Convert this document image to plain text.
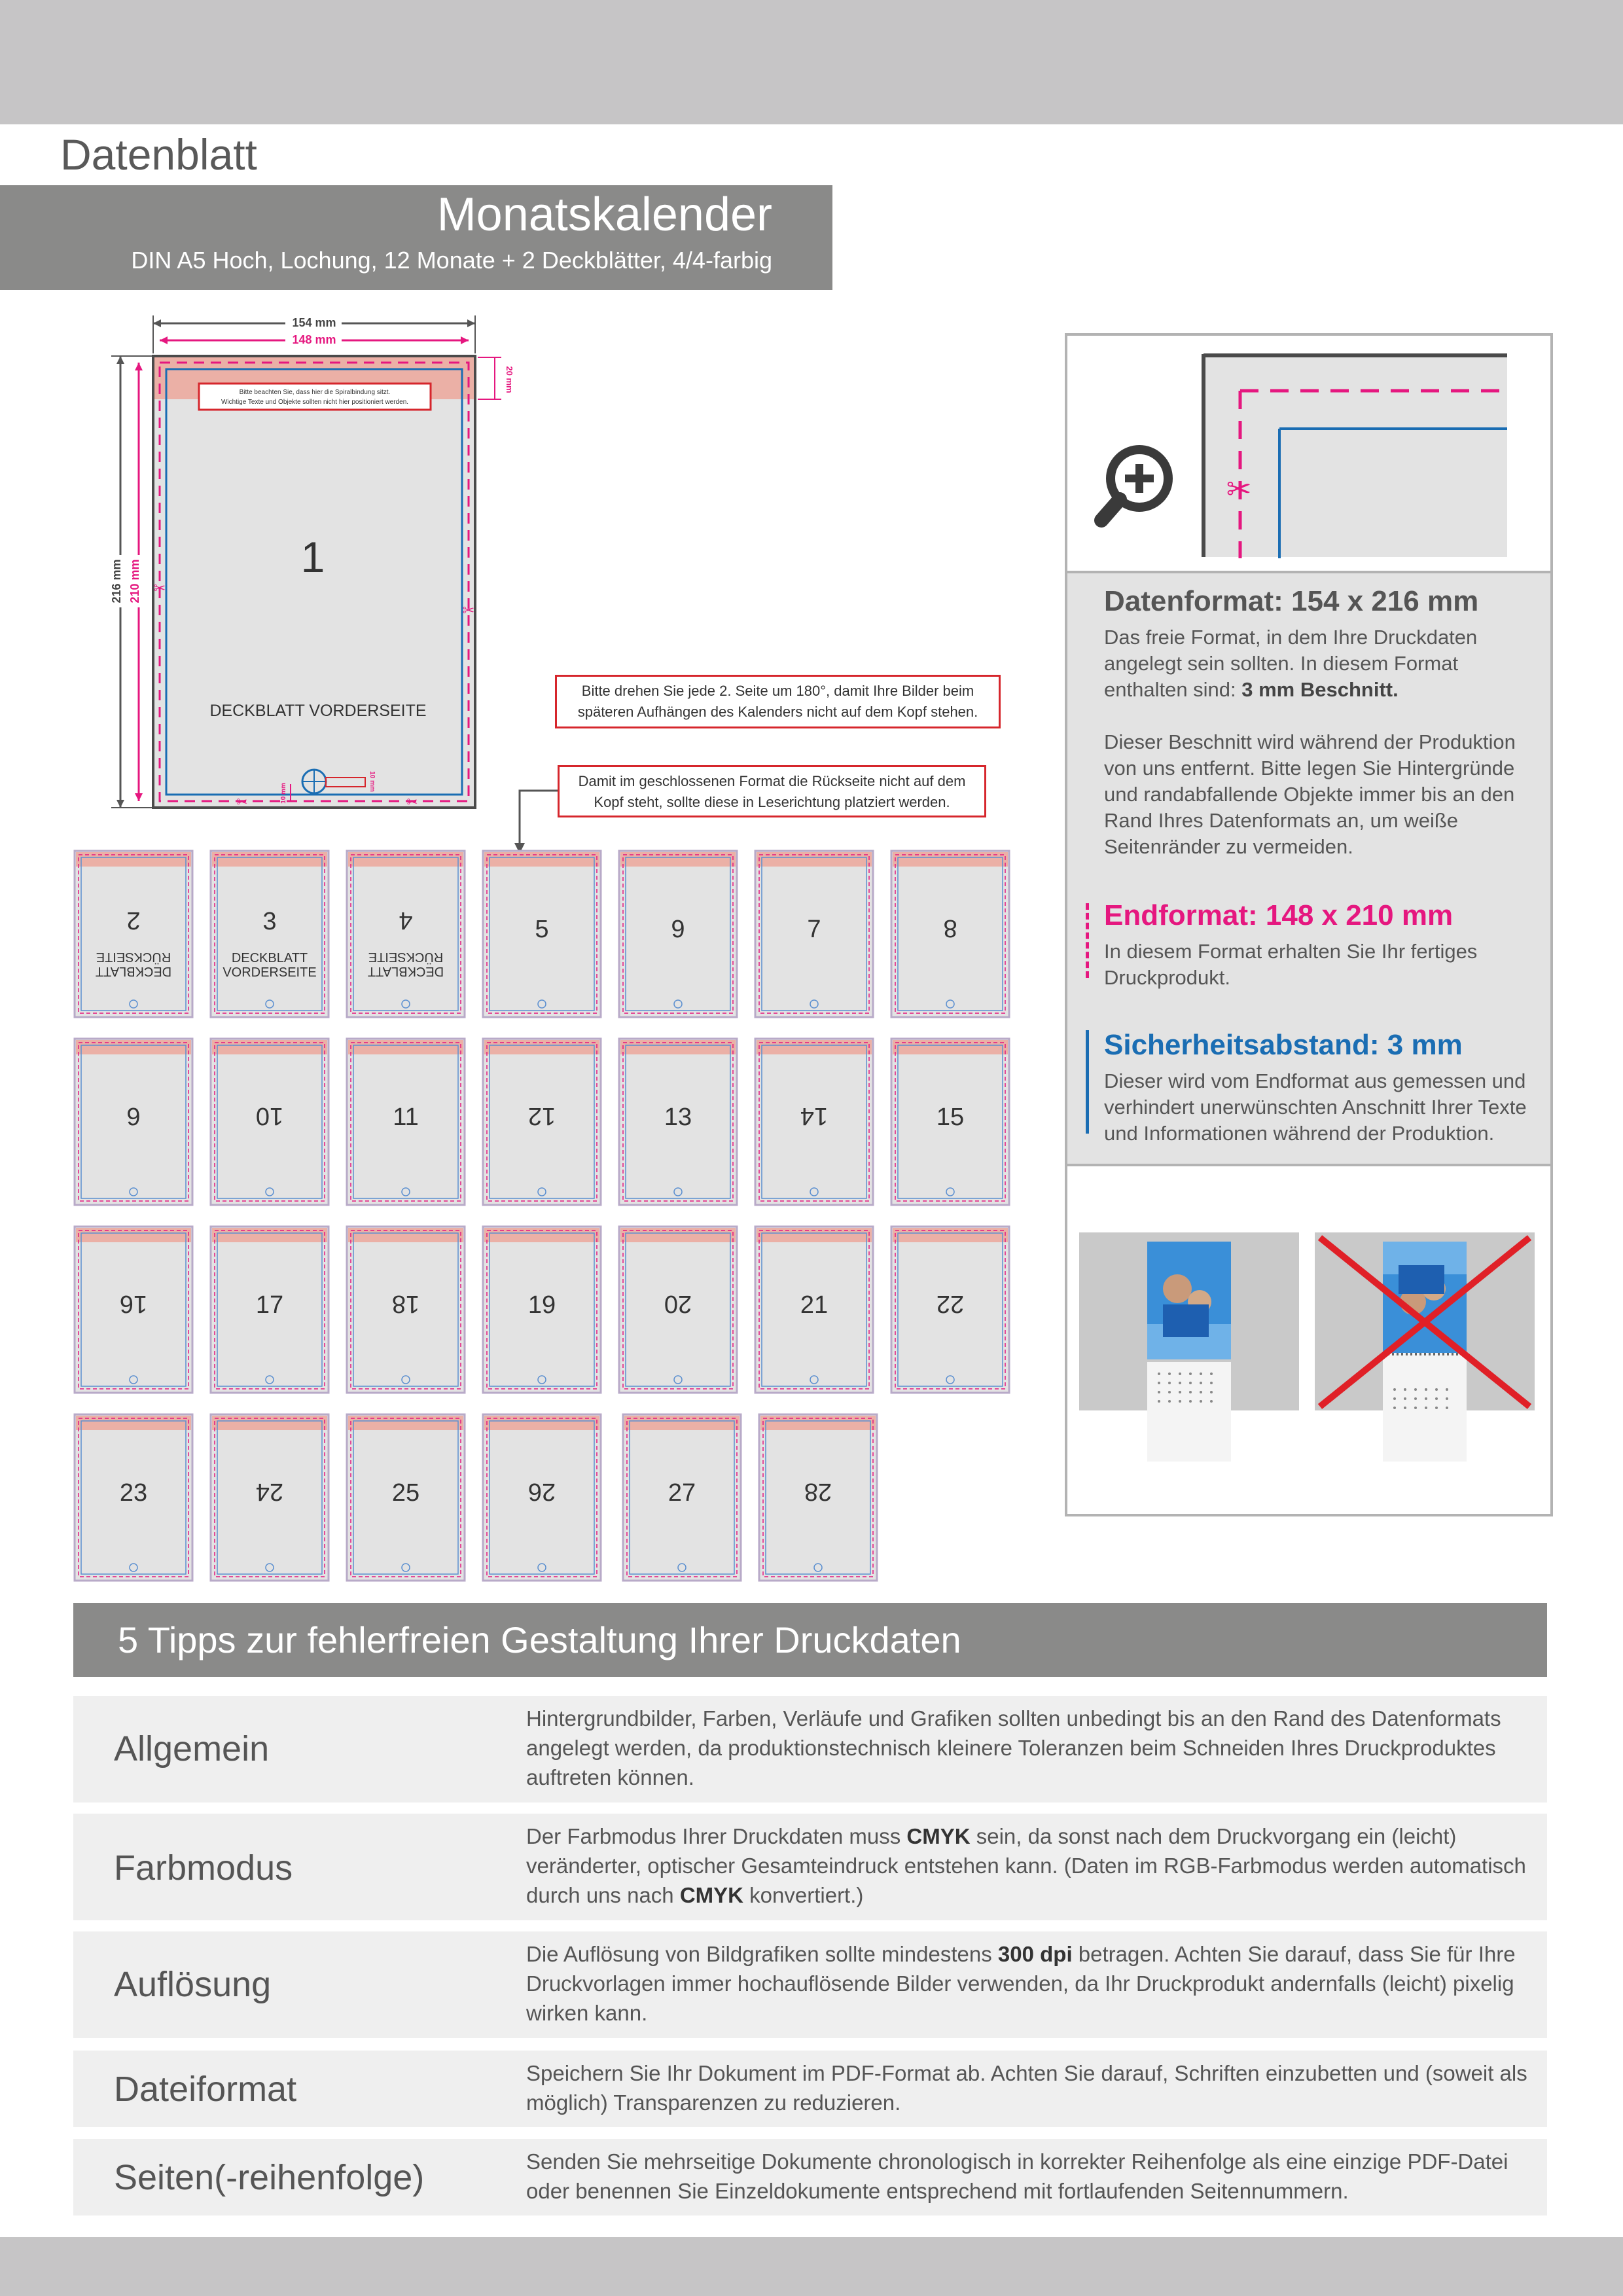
Datenblatt
Monatskalender
DIN A5 Hoch, Lochung, 12 Monate + 2 Deckblätter, 4/4-farbig
154 mm
148 mm
216 mm 210 mm
20 mm
Bitte beachten Sie, dass hier die Spiralbindung sitzt.
Wichtige Texte und Objekte sollten nicht hier positioniert werden.
1
DECKBLATT VORDERSEITE
✂
✂
✂	✂
10 mm
10 mm
Bitte drehen Sie jede 2. Seite um 180°, damit Ihre Bilder beim späteren Aufhängen des Kalenders nicht auf dem Kopf stehen.
Damit im geschlossenen Format die Rückseite nicht auf dem Kopf steht, sollte diese in Leserichtung platziert werden.
2
DECKBLATT
RÜCKSEITE
3
DECKBLATT
VORDERSEITE
4
DECKBLATT
RÜCKSEITE
5	6	7	8
9	10	11	12	13	14	15
16	17	18	19	20	21	22
23	24	25	26	27	28
✂
Datenformat: 154 x 216 mm
Das freie Format, in dem Ihre Druckdaten angelegt sein sollten. In diesem Format enthalten sind: 3 mm Beschnitt.
Dieser Beschnitt wird während der Produktion von uns entfernt. Bitte legen Sie Hintergründe und randabfallende Objekte immer bis an den Rand Ihres Datenformats an, um weiße Seitenränder zu vermeiden.
Endformat: 148 x 210 mm
In diesem Format erhalten Sie Ihr fertiges Druckprodukt.
Sicherheitsabstand: 3 mm
Dieser wird vom Endformat aus gemessen und verhindert unerwünschten Anschnitt Ihrer Texte und Informationen während der Produktion.
5 Tipps zur fehlerfreien Gestaltung Ihrer Druckdaten
Allgemein
Hintergrundbilder, Farben, Verläufe und Grafiken sollten unbedingt bis an den Rand des Datenformats angelegt werden, da produktionstechnisch kleinere Toleranzen beim Schneiden Ihres Druckproduktes auftreten können.
Farbmodus
Der Farbmodus Ihrer Druckdaten muss CMYK sein, da sonst nach dem Druckvorgang ein (leicht) veränderter, optischer Gesamteindruck entstehen kann. (Daten im RGB-Farbmodus werden automatisch durch uns nach CMYK konvertiert.)
Auflösung
Die Auflösung von Bildgrafiken sollte mindestens 300 dpi betragen. Achten Sie darauf, dass Sie für Ihre Druckvorlagen immer hochauflösende Bilder verwenden, da Ihr Druckprodukt andernfalls (leicht) pixelig wirken kann.
Dateiformat	Speichern Sie Ihr Dokument im PDF-Format ab. Achten Sie darauf, Schriften einzubetten und (soweit als möglich) Transparenzen zu reduzieren.
Seiten(-reihenfolge)	Senden Sie mehrseitige Dokumente chronologisch in korrekter Reihenfolge als eine einzige PDF-Datei oder benennen Sie Einzeldokumente entsprechend mit fortlaufenden Seitennummern.
